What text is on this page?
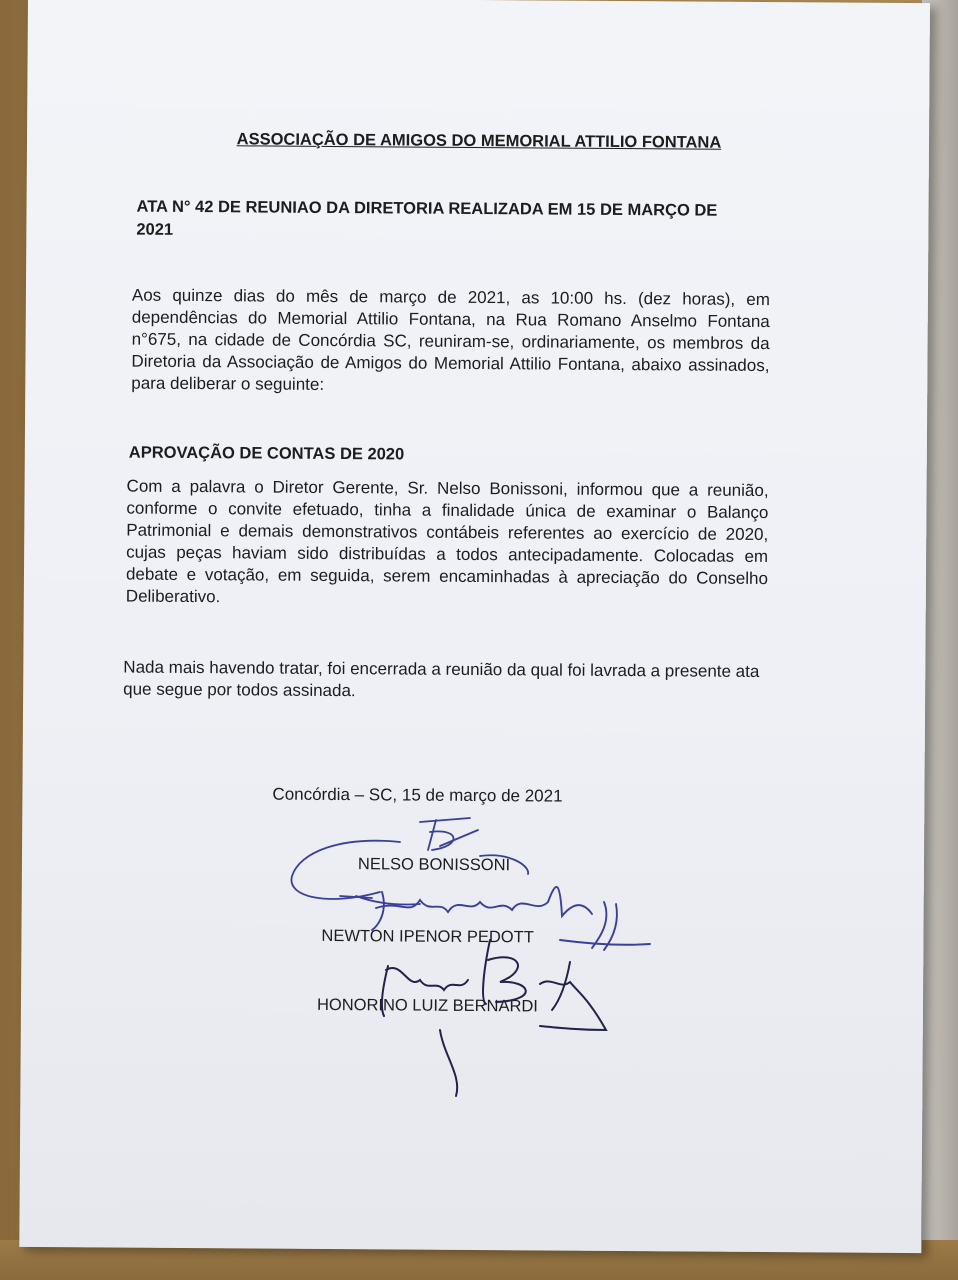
ASSOCIAÇÃO DE AMIGOS DO MEMORIAL ATTILIO FONTANA
ATA N° 42 DE REUNIAO DA DIRETORIA REALIZADA EM 15 DE MARÇO DE 2021
Aos quinze dias do mês de março de 2021, as 10:00 hs. (dez horas), em dependências do Memorial Attilio Fontana, na Rua Romano Anselmo Fontana n°675, na cidade de Concórdia SC, reuniram-se, ordinariamente, os membros da Diretoria da Associação de Amigos do Memorial Attilio Fontana, abaixo assinados, para deliberar o seguinte:
APROVAÇÃO DE CONTAS DE 2020
Com a palavra o Diretor Gerente, Sr. Nelso Bonissoni, informou que a reunião, conforme o convite efetuado, tinha a finalidade única de examinar o Balanço Patrimonial e demais demonstrativos contábeis referentes ao exercício de 2020, cujas peças haviam sido distribuídas a todos antecipadamente. Colocadas em debate e votação, em seguida, serem encaminhadas à apreciação do Conselho Deliberativo.
Nada mais havendo tratar, foi encerrada a reunião da qual foi lavrada a presente ata que segue por todos assinada.
Concórdia – SC, 15 de março de 2021
NELSO BONISSONI
NEWTON IPENOR PEDOTT
HONORINO LUIZ BERNARDI
